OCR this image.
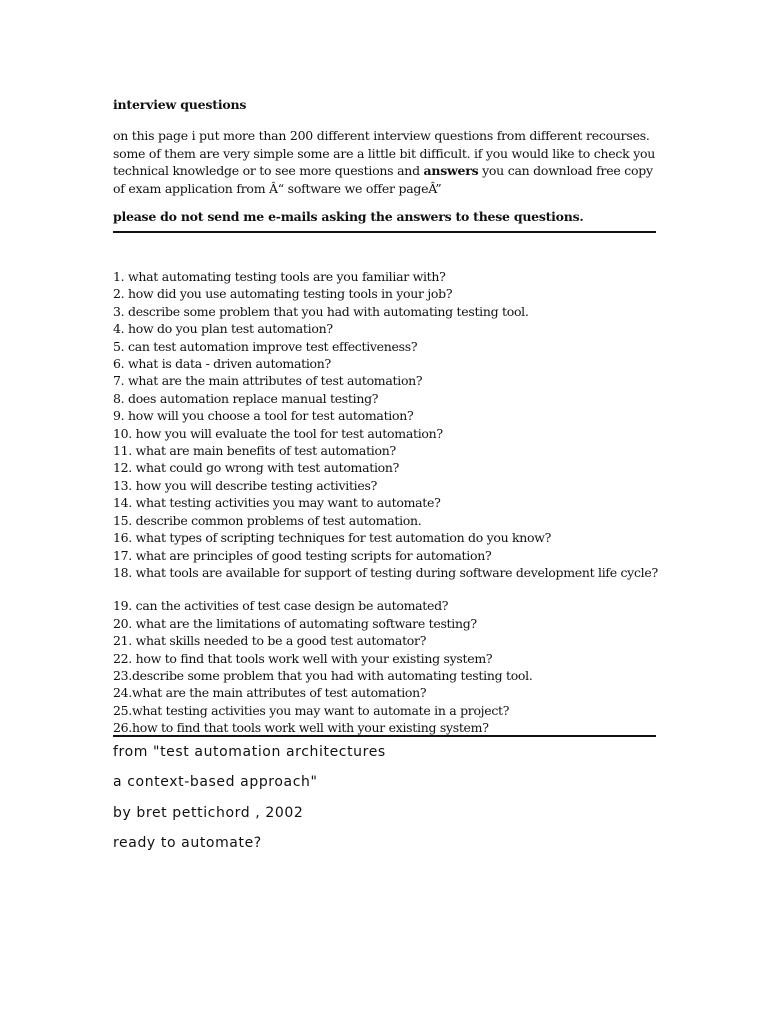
interview questions
on this page i put more than 200 different interview questions from different recourses.
some of them are very simple some are a little bit difficult. if you would like to check you
technical knowledge or to see more questions and answers you can download free copy
of exam application from Â“ software we offer pageÂ”
please do not send me e-mails asking the answers to these questions.
1. what automating testing tools are you familiar with?
2. how did you use automating testing tools in your job?
3. describe some problem that you had with automating testing tool.
4. how do you plan test automation?
5. can test automation improve test effectiveness?
6. what is data - driven automation?
7. what are the main attributes of test automation?
8. does automation replace manual testing?
9. how will you choose a tool for test automation?
10. how you will evaluate the tool for test automation?
11. what are main benefits of test automation?
12. what could go wrong with test automation?
13. how you will describe testing activities?
14. what testing activities you may want to automate?
15. describe common problems of test automation.
16. what types of scripting techniques for test automation do you know?
17. what are principles of good testing scripts for automation?
18. what tools are available for support of testing during software development life cycle?
19. can the activities of test case design be automated?
20. what are the limitations of automating software testing?
21. what skills needed to be a good test automator?
22. how to find that tools work well with your existing system?
23.describe some problem that you had with automating testing tool.
24.what are the main attributes of test automation?
25.what testing activities you may want to automate in a project?
26.how to find that tools work well with your existing system?
from "test automation architectures
a context-based approach"
by bret pettichord , 2002
ready to automate?
